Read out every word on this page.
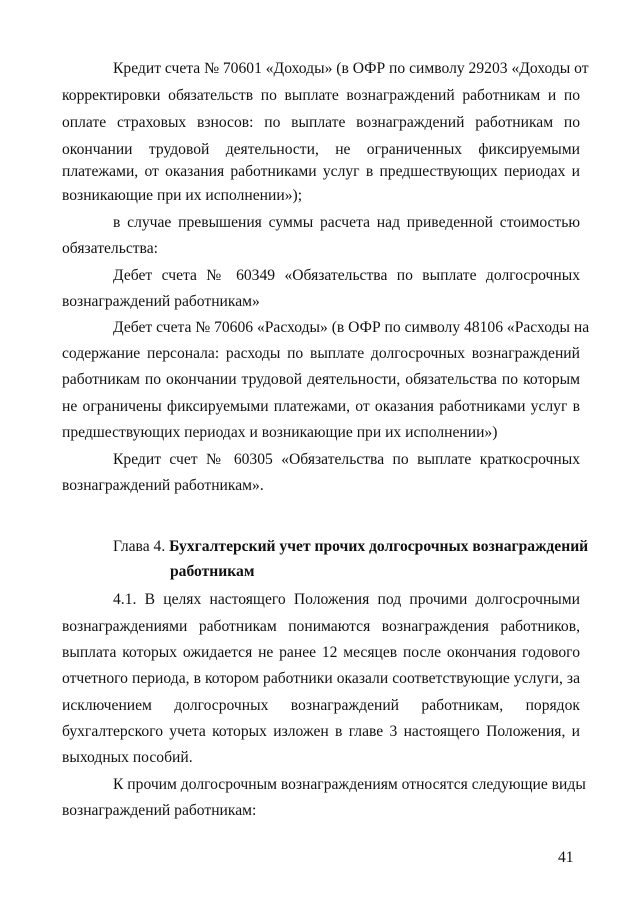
Кредит счета № 70601 «Доходы» (в ОФР по символу 29203 «Доходы от
корректировки обязательств по выплате вознаграждений работникам и по
оплате страховых взносов: по выплате вознаграждений работникам по
окончании трудовой деятельности, не ограниченных фиксируемыми
платежами, от оказания работниками услуг в предшествующих периодах и
возникающие при их исполнении»);
в случае превышения суммы расчета над приведенной стоимостью
обязательства:
Дебет счета № 60349 «Обязательства по выплате долгосрочных
вознаграждений работникам»
Дебет счета № 70606 «Расходы» (в ОФР по символу 48106 «Расходы на
содержание персонала: расходы по выплате долгосрочных вознаграждений
работникам по окончании трудовой деятельности, обязательства по которым
не ограничены фиксируемыми платежами, от оказания работниками услуг в
предшествующих периодах и возникающие при их исполнении»)
Кредит счет № 60305 «Обязательства по выплате краткосрочных
вознаграждений работникам».
Глава 4. Бухгалтерский учет прочих долгосрочных вознаграждений
работникам
4.1. В целях настоящего Положения под прочими долгосрочными
вознаграждениями работникам понимаются вознаграждения работников,
выплата которых ожидается не ранее 12 месяцев после окончания годового
отчетного периода, в котором работники оказали соответствующие услуги, за
исключением долгосрочных вознаграждений работникам, порядок
бухгалтерского учета которых изложен в главе 3 настоящего Положения, и
выходных пособий.
К прочим долгосрочным вознаграждениям относятся следующие виды
вознаграждений работникам:
41
